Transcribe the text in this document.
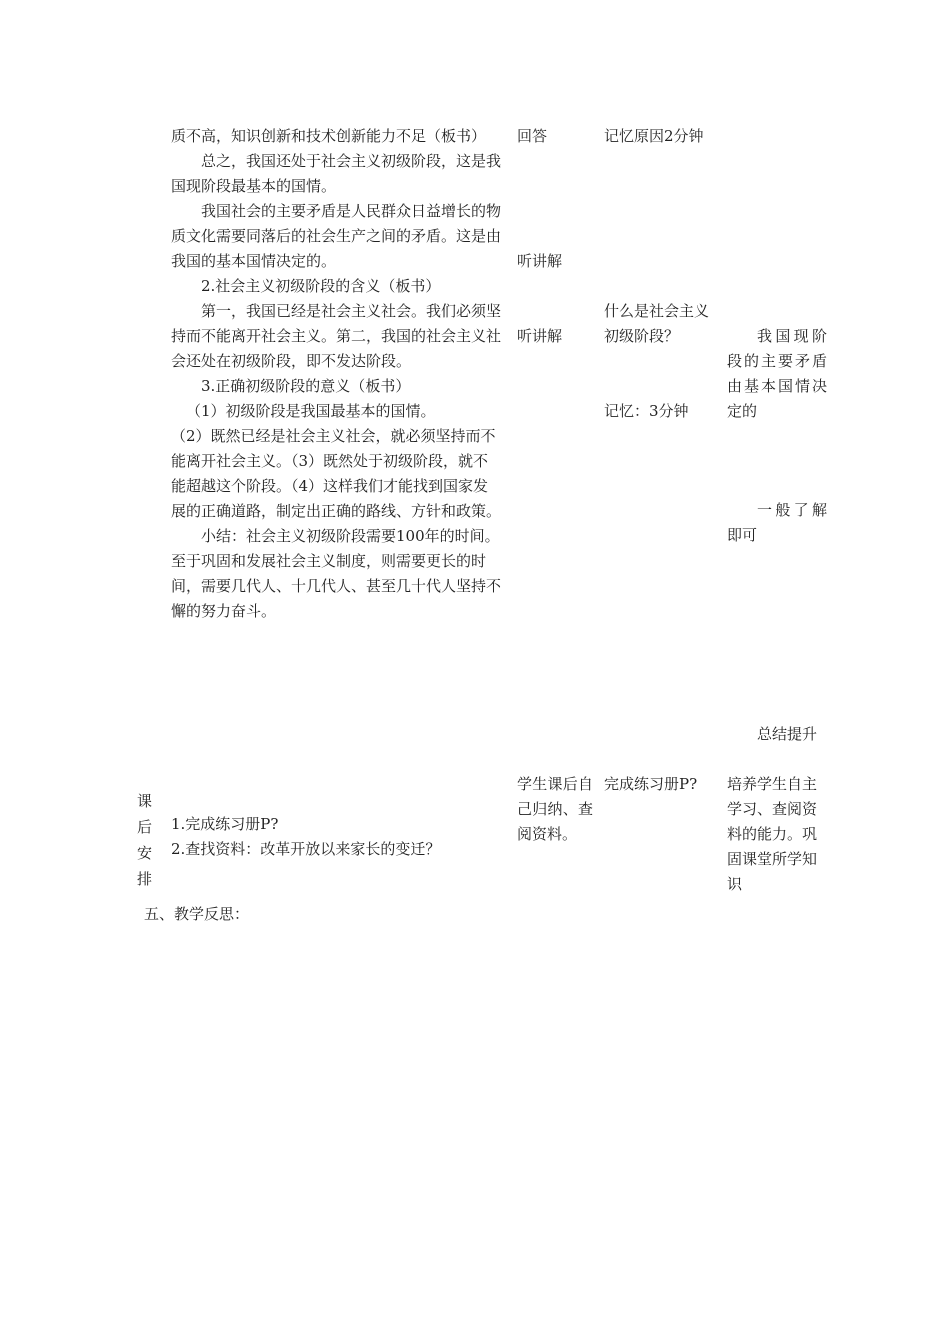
质不高，知识创新和技术创新能力不足（板书）

总之，我国还处于社会主义初级阶段，这是我国现阶段最基本的国情。

我国社会的主要矛盾是人民群众日益增长的物质文化需要同落后的社会生产之间的矛盾。这是由我国的基本国情决定的。

2.社会主义初级阶段的含义（板书）

第一，我国已经是社会主义社会。我们必须坚持而不能离开社会主义。第二，我国的社会主义社会还处在初级阶段，即不发达阶段。

3.正确初级阶段的意义（板书）

（1）初级阶段是我国最基本的国情。

（2）既然已经是社会主义社会，就必须坚持而不能离开社会主义。（3）既然处于初级阶段，就不能超越这个阶段。（4）这样我们才能找到国家发展的正确道路，制定出正确的路线、方针和政策。

小结：社会主义初级阶段需要100年的时间。至于巩固和发展社会主义制度，则需要更长的时间，需要几代人、十几代人、甚至几十代人坚持不懈的努力奋斗。

回答
听讲解
听讲解
学生课后自己归纳、查阅资料。
记忆原因2分钟
什么是社会主义初级阶段？
记忆：3分钟
完成练习册P?
我国现阶段的主要矛盾由基本国情决定的
一般了解即可
总结提升
培养学生自主学习、查阅资料的能力。巩固课堂所学知识
课后安排
1.完成练习册P?
2.查找资料：改革开放以来家长的变迁？
五、教学反思：
